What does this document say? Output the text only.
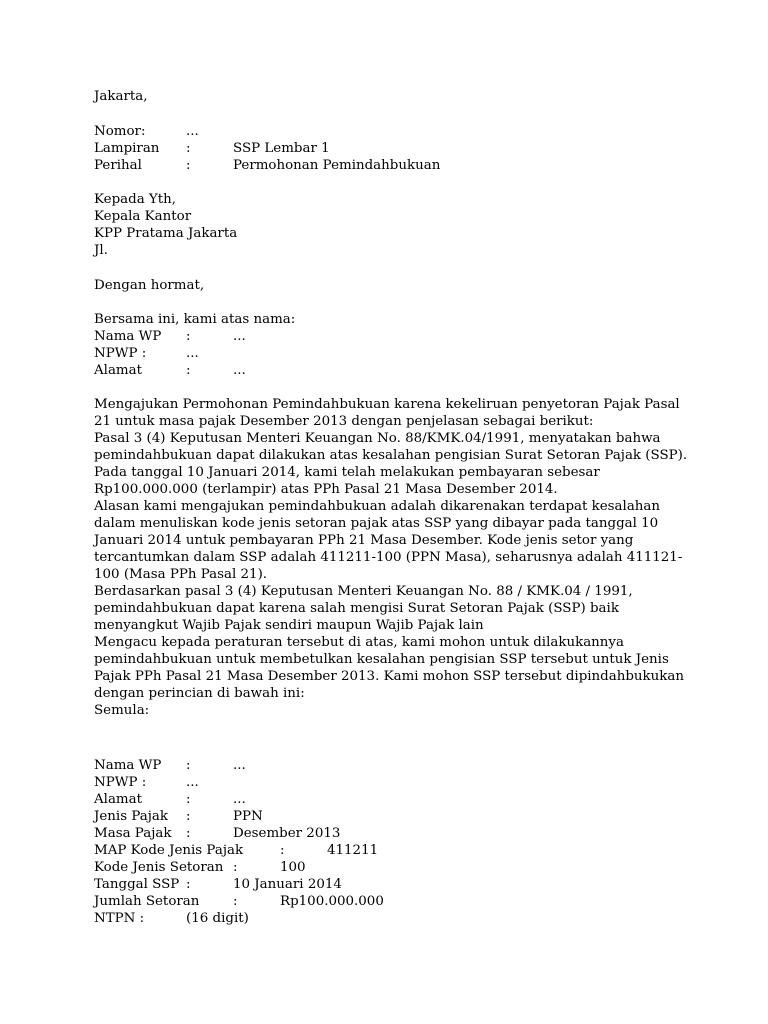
Jakarta,
Nomor:	...
Lampiran :	SSP Lembar 1
Perihal	:	Permohonan Pemindahbukuan
Kepada Yth,
Kepala Kantor
KPP Pratama Jakarta
Jl.
Dengan hormat,
Bersama ini, kami atas nama:
Nama WP :	...
NPWP :	...
Alamat	:	...
Mengajukan Permohonan Pemindahbukuan karena kekeliruan penyetoran Pajak Pasal
21 untuk masa pajak Desember 2013 dengan penjelasan sebagai berikut:
Pasal 3 (4) Keputusan Menteri Keuangan No. 88/KMK.04/1991, menyatakan bahwa
pemindahbukuan dapat dilakukan atas kesalahan pengisian Surat Setoran Pajak (SSP).
Pada tanggal 10 Januari 2014, kami telah melakukan pembayaran sebesar
Rp100.000.000 (terlampir) atas PPh Pasal 21 Masa Desember 2014.
Alasan kami mengajukan pemindahbukuan adalah dikarenakan terdapat kesalahan
dalam menuliskan kode jenis setoran pajak atas SSP yang dibayar pada tanggal 10
Januari 2014 untuk pembayaran PPh 21 Masa Desember. Kode jenis setor yang
tercantumkan dalam SSP adalah 411211-100 (PPN Masa), seharusnya adalah 411121-
100 (Masa PPh Pasal 21).
Berdasarkan pasal 3 (4) Keputusan Menteri Keuangan No. 88 / KMK.04 / 1991,
pemindahbukuan dapat karena salah mengisi Surat Setoran Pajak (SSP) baik
menyangkut Wajib Pajak sendiri maupun Wajib Pajak lain
Mengacu kepada peraturan tersebut di atas, kami mohon untuk dilakukannya
pemindahbukuan untuk membetulkan kesalahan pengisian SSP tersebut untuk Jenis
Pajak PPh Pasal 21 Masa Desember 2013. Kami mohon SSP tersebut dipindahbukukan
dengan perincian di bawah ini:
Semula:
Nama WP :	...
NPWP :	...
Alamat	:	...
Jenis Pajak :	PPN
Masa Pajak :	Desember 2013
MAP Kode Jenis Pajak	:	411211
Kode Jenis Setoran :	100
Tanggal SSP :	10 Januari 2014
Jumlah Setoran	:	Rp100.000.000
NTPN :	(16 digit)
